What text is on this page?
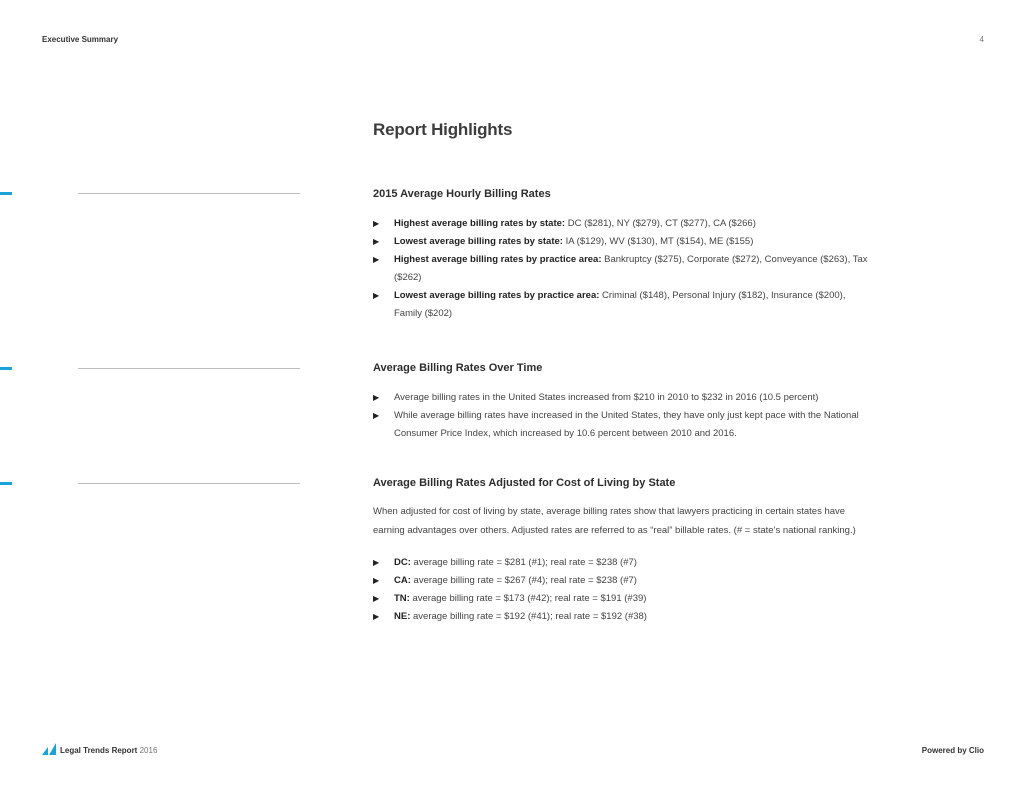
Executive Summary	4
Report Highlights
2015 Average Hourly Billing Rates
▶ Highest average billing rates by state: DC ($281), NY ($279), CT ($277), CA ($266)
▶ Lowest average billing rates by state: IA ($129), WV ($130), MT ($154), ME ($155)
▶ Highest average billing rates by practice area: Bankruptcy ($275), Corporate ($272), Conveyance ($263), Tax ($262)
▶ Lowest average billing rates by practice area: Criminal ($148), Personal Injury ($182), Insurance ($200), Family ($202)
Average Billing Rates Over Time
▶ Average billing rates in the United States increased from $210 in 2010 to $232 in 2016 (10.5 percent)
▶ While average billing rates have increased in the United States, they have only just kept pace with the National Consumer Price Index, which increased by 10.6 percent between 2010 and 2016.
Average Billing Rates Adjusted for Cost of Living by State

When adjusted for cost of living by state, average billing rates show that lawyers practicing in certain states have earning advantages over others. Adjusted rates are referred to as “real” billable rates. (# = state’s national ranking.)

▶ DC: average billing rate = $281 (#1); real rate = $238 (#7)
▶ CA: average billing rate = $267 (#4); real rate = $238 (#7)
▶ TN: average billing rate = $173 (#42); real rate = $191 (#39)
▶ NE: average billing rate = $192 (#41); real rate = $192 (#38)
Legal Trends Report 2016	Powered by Clio
